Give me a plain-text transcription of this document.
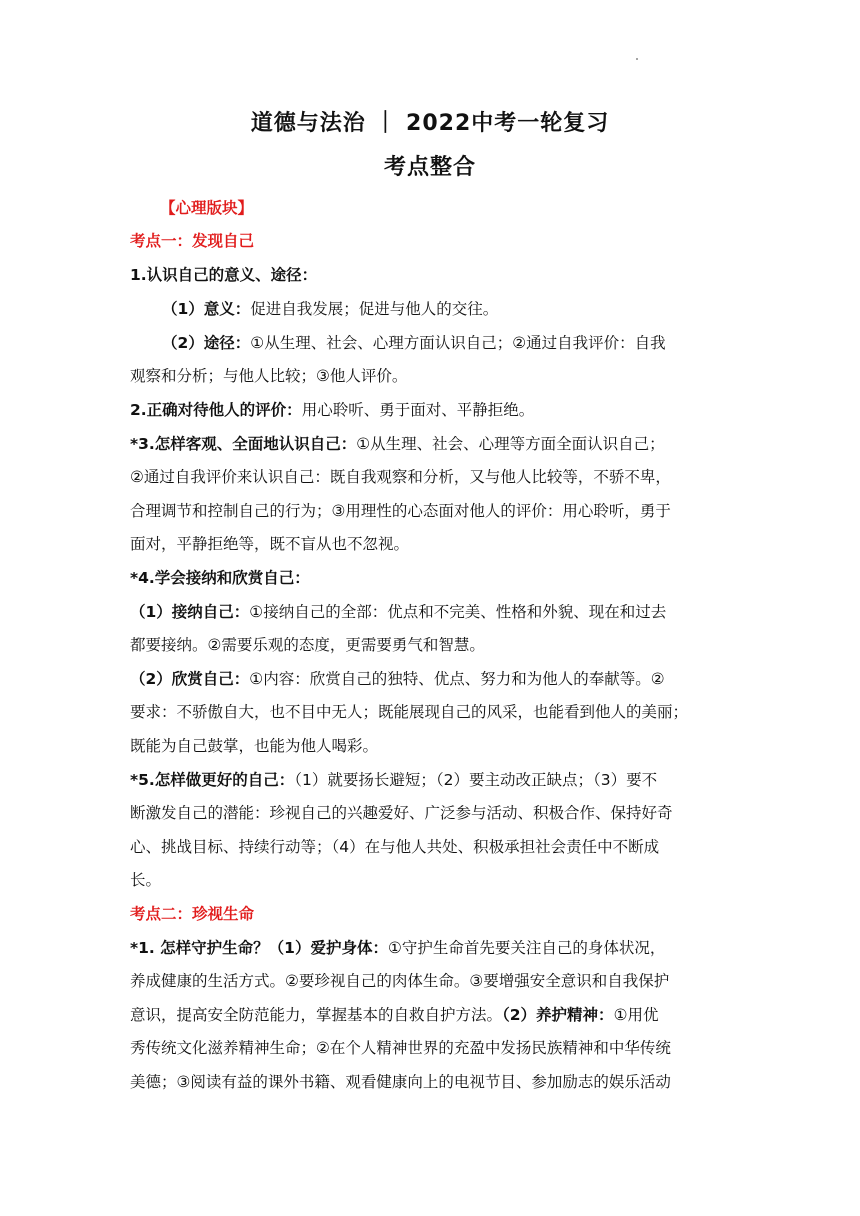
道德与法治 ｜ 2022中考一轮复习
考点整合
【心理版块】
考点一：发现自己
1.认识自己的意义、途径：
（1）意义：促进自我发展；促进与他人的交往。
（2）途径：①从生理、社会、心理方面认识自己；②通过自我评价：自我
观察和分析；与他人比较；③他人评价。
2.正确对待他人的评价：用心聆听、勇于面对、平静拒绝。
*3.怎样客观、全面地认识自己：①从生理、社会、心理等方面全面认识自己；
②通过自我评价来认识自己：既自我观察和分析，又与他人比较等，不骄不卑，
合理调节和控制自己的行为；③用理性的心态面对他人的评价：用心聆听，勇于
面对，平静拒绝等，既不盲从也不忽视。
*4.学会接纳和欣赏自己：
（1）接纳自己：①接纳自己的全部：优点和不完美、性格和外貌、现在和过去
都要接纳。②需要乐观的态度，更需要勇气和智慧。
（2）欣赏自己：①内容：欣赏自己的独特、优点、努力和为他人的奉献等。②
要求：不骄傲自大，也不目中无人；既能展现自己的风采，也能看到他人的美丽；
既能为自己鼓掌，也能为他人喝彩。
*5.怎样做更好的自己：（1）就要扬长避短；（2）要主动改正缺点；（3）要不
断激发自己的潜能：珍视自己的兴趣爱好、广泛参与活动、积极合作、保持好奇
心、挑战目标、持续行动等；（4）在与他人共处、积极承担社会责任中不断成
长。
考点二：珍视生命
*1. 怎样守护生命？（1）爱护身体：①守护生命首先要关注自己的身体状况，
养成健康的生活方式。②要珍视自己的肉体生命。③要增强安全意识和自我保护
意识，提高安全防范能力，掌握基本的自救自护方法。（2）养护精神：①用优
秀传统文化滋养精神生命；②在个人精神世界的充盈中发扬民族精神和中华传统
美德；③阅读有益的课外书籍、观看健康向上的电视节目、参加励志的娱乐活动
